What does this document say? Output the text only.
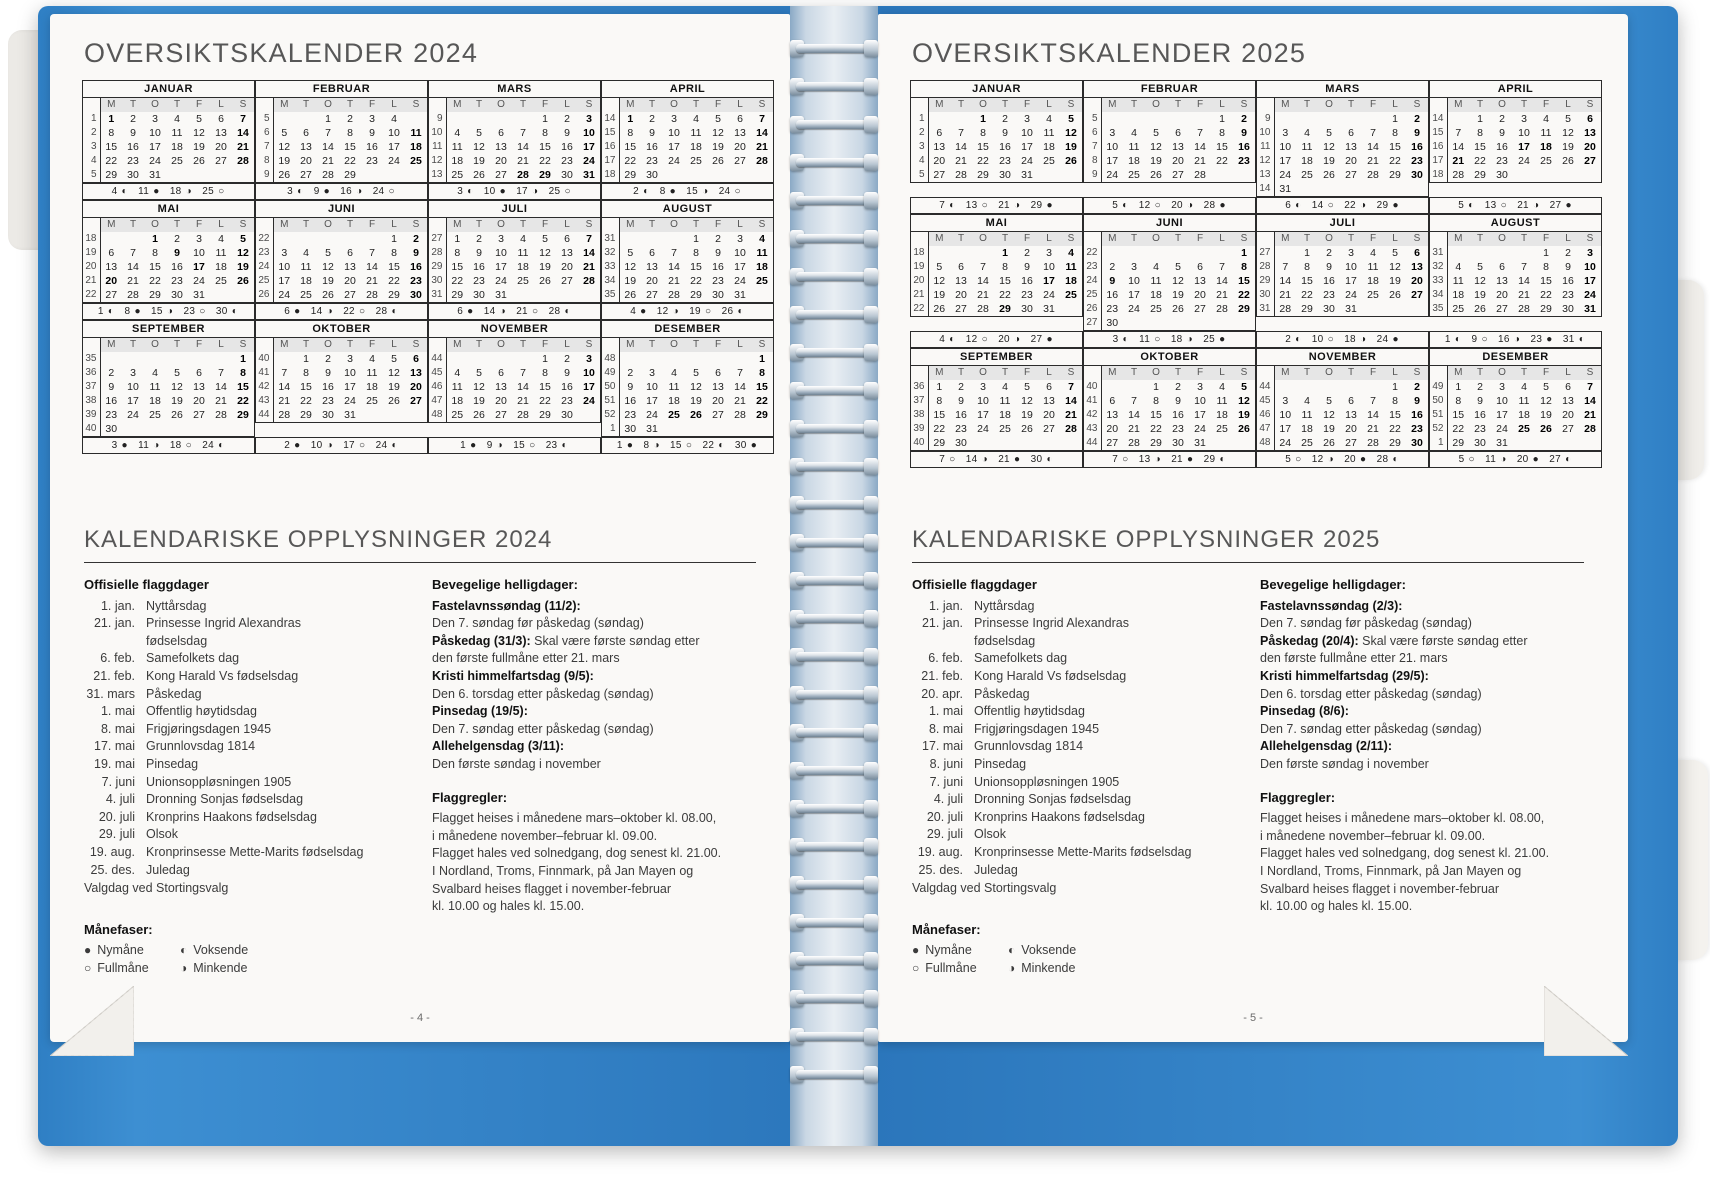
OVERSIKTSKALENDER 2024
JANUAR
	M	T	O	T	F	L	S
1	1	2	3	4	5	6	7
2	8	9	10	11	12	13	14
3	15	16	17	18	19	20	21
4	22	23	24	25	26	27	28
5	29	30	31				

FEBRUAR
	M	T	O	T	F	L	S
5			1	2	3	4	
6	5	6	7	8	9	10	11
7	12	13	14	15	16	17	18
8	19	20	21	22	23	24	25
9	26	27	28	29			

MARS
	M	T	O	T	F	L	S
9					1	2	3
10	4	5	6	7	8	9	10
11	11	12	13	14	15	16	17
12	18	19	20	21	22	23	24
13	25	26	27	28	29	30	31

APRIL
	M	T	O	T	F	L	S
14	1	2	3	4	5	6	7
15	8	9	10	11	12	13	14
16	15	16	17	18	19	20	21
17	22	23	24	25	26	27	28
18	29	30					

4 ◐ 11 ● 18 ◑ 25 ○	3 ◐ 9 ● 16 ◑ 24 ○	3 ◐ 10 ● 17 ◑ 25 ○	2 ◐ 8 ● 15 ◑ 24 ○

MAI
	M	T	O	T	F	L	S
18			1	2	3	4	5
19	6	7	8	9	10	11	12
20	13	14	15	16	17	18	19
21	20	21	22	23	24	25	26
22	27	28	29	30	31		

JUNI
	M	T	O	T	F	L	S
22						1	2
23	3	4	5	6	7	8	9
24	10	11	12	13	14	15	16
25	17	18	19	20	21	22	23
26	24	25	26	27	28	29	30

JULI
	M	T	O	T	F	L	S
27	1	2	3	4	5	6	7
28	8	9	10	11	12	13	14
29	15	16	17	18	19	20	21
30	22	23	24	25	26	27	28
31	29	30	31				

AUGUST
	M	T	O	T	F	L	S
31				1	2	3	4
32	5	6	7	8	9	10	11
33	12	13	14	15	16	17	18
34	19	20	21	22	23	24	25
35	26	27	28	29	30	31	

1 ◐ 8 ● 15 ◑ 23 ○ 30 ◐	6 ● 14 ◑ 22 ○ 28 ◐	6 ● 14 ◑ 21 ○ 28 ◐	4 ● 12 ◑ 19 ○ 26 ◐

SEPTEMBER
	M	T	O	T	F	L	S
35							1
36	2	3	4	5	6	7	8
37	9	10	11	12	13	14	15
38	16	17	18	19	20	21	22
39	23	24	25	26	27	28	29
40	30						

OKTOBER
	M	T	O	T	F	L	S
40		1	2	3	4	5	6
41	7	8	9	10	11	12	13
42	14	15	16	17	18	19	20
43	21	22	23	24	25	26	27
44	28	29	30	31			

NOVEMBER
	M	T	O	T	F	L	S
44					1	2	3
45	4	5	6	7	8	9	10
46	11	12	13	14	15	16	17
47	18	19	20	21	22	23	24
48	25	26	27	28	29	30	

DESEMBER
	M	T	O	T	F	L	S
48							1
49	2	3	4	5	6	7	8
50	9	10	11	12	13	14	15
51	16	17	18	19	20	21	22
52	23	24	25	26	27	28	29
1	30	31					

3 ● 11 ◑ 18 ○ 24 ◐	2 ● 10 ◑ 17 ○ 24 ◐	1 ● 9 ◑ 15 ○ 23 ◐	1 ● 8 ◑ 15 ○ 22 ◐ 30 ●
KALENDARISKE OPPLYSNINGER 2024
Offisielle flaggdager
1. jan. Nyttårsdag
21. jan. Prinsesse Ingrid Alexandras
fødselsdag
6. feb. Samefolkets dag
21. feb. Kong Harald Vs fødselsdag
31. mars Påskedag
1. mai Offentlig høytidsdag
8. mai Frigjøringsdagen 1945
17. mai Grunnlovsdag 1814
19. mai Pinsedag
7. juni Unionsoppløsningen 1905
4. juli Dronning Sonjas fødselsdag
20. juli Kronprins Haakons fødselsdag
29. juli Olsok
19. aug. Kronprinsesse Mette-Marits fødselsdag
25. des. Juledag
Valgdag ved Stortingsvalg
Bevegelige helligdager:
Fastelavnssøndag (11/2):
Den 7. søndag før påskedag (søndag)
Påskedag (31/3): Skal være første søndag etter
den første fullmåne etter 21. mars
Kristi himmelfartsdag (9/5):
Den 6. torsdag etter påskedag (søndag)
Pinsedag (19/5):
Den 7. søndag etter påskedag (søndag)
Allehelgensdag (3/11):
Den første søndag i november
Flaggregler:
Flagget heises i månedene mars–oktober kl. 08.00,
i månedene november–februar kl. 09.00.
Flagget hales ved solnedgang, dog senest kl. 21.00.
I Nordland, Troms, Finnmark, på Jan Mayen og
Svalbard heises flagget i november-februar
kl. 10.00 og hales kl. 15.00.
Månefaser:
● Nymåne	◐ Voksende
○ Fullmåne	◑ Minkende
- 4 -
OVERSIKTSKALENDER 2025
JANUAR
	M	T	O	T	F	L	S
1			1	2	3	4	5
2	6	7	8	9	10	11	12
3	13	14	15	16	17	18	19
4	20	21	22	23	24	25	26
5	27	28	29	30	31		

FEBRUAR
	M	T	O	T	F	L	S
5						1	2
6	3	4	5	6	7	8	9
7	10	11	12	13	14	15	16
8	17	18	19	20	21	22	23
9	24	25	26	27	28		

MARS
	M	T	O	T	F	L	S
9						1	2
10	3	4	5	6	7	8	9
11	10	11	12	13	14	15	16
12	17	18	19	20	21	22	23
13	24	25	26	27	28	29	30
14	31						

APRIL
	M	T	O	T	F	L	S
14		1	2	3	4	5	6
15	7	8	9	10	11	12	13
16	14	15	16	17	18	19	20
17	21	22	23	24	25	26	27
18	28	29	30				

7 ◐ 13 ○ 21 ◑ 29 ●	5 ◐ 12 ○ 20 ◑ 28 ●	6 ◐ 14 ○ 22 ◑ 29 ●	5 ◐ 13 ○ 21 ◑ 27 ●

MAI
	M	T	O	T	F	L	S
18				1	2	3	4
19	5	6	7	8	9	10	11
20	12	13	14	15	16	17	18
21	19	20	21	22	23	24	25
22	26	27	28	29	30	31	

JUNI
	M	T	O	T	F	L	S
22							1
23	2	3	4	5	6	7	8
24	9	10	11	12	13	14	15
25	16	17	18	19	20	21	22
26	23	24	25	26	27	28	29
27	30						

JULI
	M	T	O	T	F	L	S
27		1	2	3	4	5	6
28	7	8	9	10	11	12	13
29	14	15	16	17	18	19	20
30	21	22	23	24	25	26	27
31	28	29	30	31			

AUGUST
	M	T	O	T	F	L	S
31					1	2	3
32	4	5	6	7	8	9	10
33	11	12	13	14	15	16	17
34	18	19	20	21	22	23	24
35	25	26	27	28	29	30	31

4 ◐ 12 ○ 20 ◑ 27 ●	3 ◐ 11 ○ 18 ◑ 25 ●	2 ◐ 10 ○ 18 ◑ 24 ●	1 ◐ 9 ○ 16 ◑ 23 ● 31 ◐

SEPTEMBER
	M	T	O	T	F	L	S
36	1	2	3	4	5	6	7
37	8	9	10	11	12	13	14
38	15	16	17	18	19	20	21
39	22	23	24	25	26	27	28
40	29	30					

OKTOBER
	M	T	O	T	F	L	S
40			1	2	3	4	5
41	6	7	8	9	10	11	12
42	13	14	15	16	17	18	19
43	20	21	22	23	24	25	26
44	27	28	29	30	31		

NOVEMBER
	M	T	O	T	F	L	S
44						1	2
45	3	4	5	6	7	8	9
46	10	11	12	13	14	15	16
47	17	18	19	20	21	22	23
48	24	25	26	27	28	29	30

DESEMBER
	M	T	O	T	F	L	S
49	1	2	3	4	5	6	7
50	8	9	10	11	12	13	14
51	15	16	17	18	19	20	21
52	22	23	24	25	26	27	28
1	29	30	31				

7 ○ 14 ◑ 21 ● 30 ◐	7 ○ 13 ◑ 21 ● 29 ◐	5 ○ 12 ◑ 20 ● 28 ◐	5 ○ 11 ◑ 20 ● 27 ◐
KALENDARISKE OPPLYSNINGER 2025
Offisielle flaggdager
1. jan. Nyttårsdag
21. jan. Prinsesse Ingrid Alexandras
fødselsdag
6. feb. Samefolkets dag
21. feb. Kong Harald Vs fødselsdag
20. apr. Påskedag
1. mai Offentlig høytidsdag
8. mai Frigjøringsdagen 1945
17. mai Grunnlovsdag 1814
8. juni Pinsedag
7. juni Unionsoppløsningen 1905
4. juli Dronning Sonjas fødselsdag
20. juli Kronprins Haakons fødselsdag
29. juli Olsok
19. aug. Kronprinsesse Mette-Marits fødselsdag
25. des. Juledag
Valgdag ved Stortingsvalg
Bevegelige helligdager:
Fastelavnssøndag (2/3):
Den 7. søndag før påskedag (søndag)
Påskedag (20/4): Skal være første søndag etter
den første fullmåne etter 21. mars
Kristi himmelfartsdag (29/5):
Den 6. torsdag etter påskedag (søndag)
Pinsedag (8/6):
Den 7. søndag etter påskedag (søndag)
Allehelgensdag (2/11):
Den første søndag i november
Flaggregler:
Flagget heises i månedene mars–oktober kl. 08.00,
i månedene november–februar kl. 09.00.
Flagget hales ved solnedgang, dog senest kl. 21.00.
I Nordland, Troms, Finnmark, på Jan Mayen og
Svalbard heises flagget i november-februar
kl. 10.00 og hales kl. 15.00.
Månefaser:
● Nymåne	◐ Voksende
○ Fullmåne	◑ Minkende
- 5 -
